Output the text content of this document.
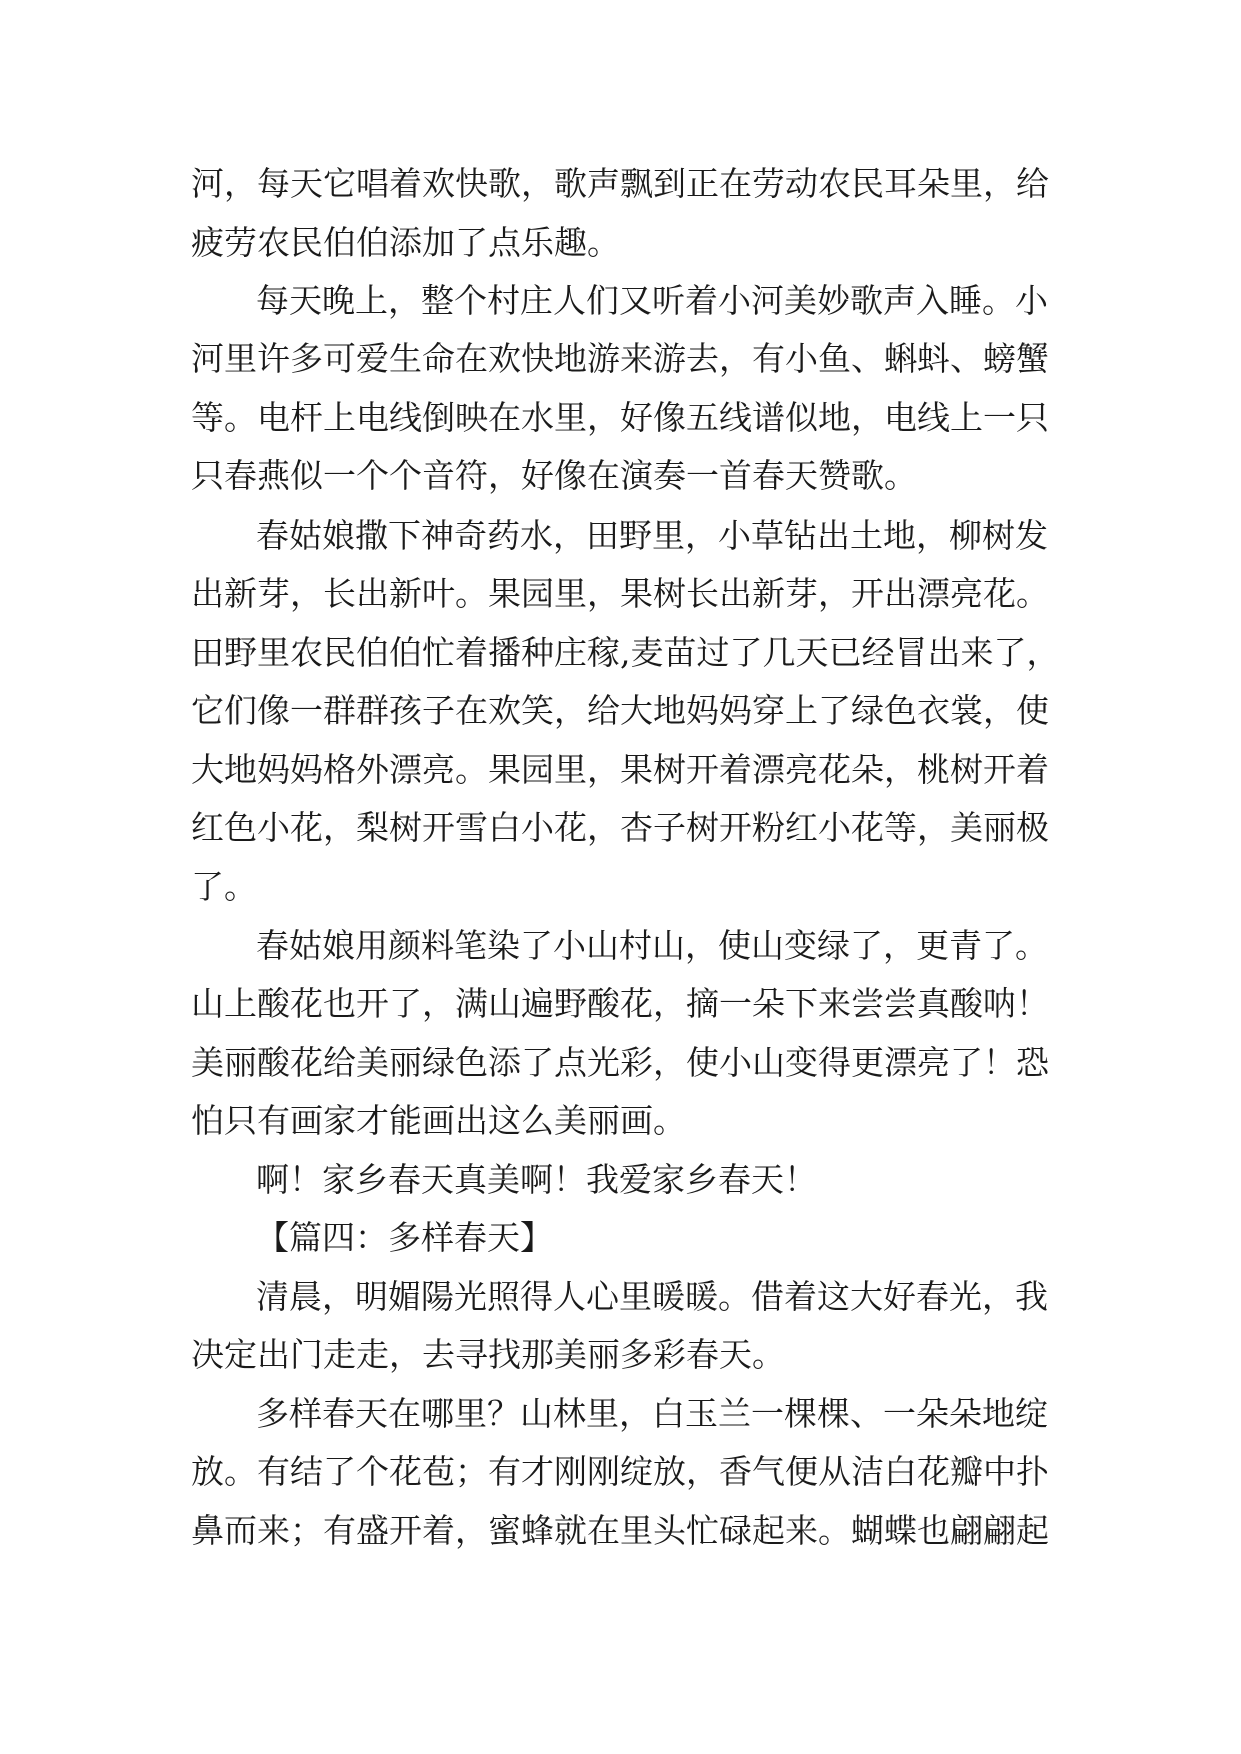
河，每天它唱着欢快歌，歌声飘到正在劳动农民耳朵里，给
疲劳农民伯伯添加了点乐趣。
每天晚上，整个村庄人们又听着小河美妙歌声入睡。小
河里许多可爱生命在欢快地游来游去，有小鱼、蝌蚪、螃蟹
等。电杆上电线倒映在水里，好像五线谱似地，电线上一只
只春燕似一个个音符，好像在演奏一首春天赞歌。
春姑娘撒下神奇药水，田野里，小草钻出土地，柳树发
出新芽，长出新叶。果园里，果树长出新芽，开出漂亮花。
田野里农民伯伯忙着播种庄稼,麦苗过了几天已经冒出来了，
它们像一群群孩子在欢笑，给大地妈妈穿上了绿色衣裳，使
大地妈妈格外漂亮。果园里，果树开着漂亮花朵，桃树开着
红色小花，梨树开雪白小花，杏子树开粉红小花等，美丽极
了。
春姑娘用颜料笔染了小山村山，使山变绿了，更青了。
山上酸花也开了，满山遍野酸花，摘一朵下来尝尝真酸呐！
美丽酸花给美丽绿色添了点光彩，使小山变得更漂亮了！恐
怕只有画家才能画出这么美丽画。
啊！家乡春天真美啊！我爱家乡春天！
【篇四：多样春天】
清晨，明媚陽光照得人心里暖暖。借着这大好春光，我
决定出门走走，去寻找那美丽多彩春天。
多样春天在哪里？山林里，白玉兰一棵棵、一朵朵地绽
放。有结了个花苞；有才刚刚绽放，香气便从洁白花瓣中扑
鼻而来；有盛开着，蜜蜂就在里头忙碌起来。蝴蝶也翩翩起
